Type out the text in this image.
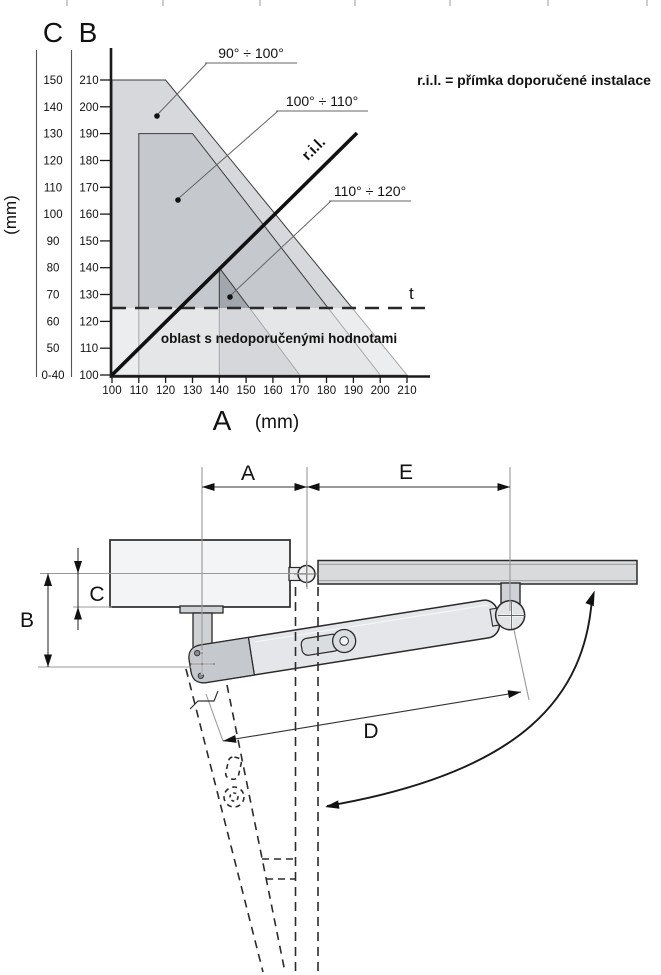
t
r.i.l.
90° ÷ 100°
100° ÷ 110°
110° ÷ 120°
r.i.l. = přímka doporučené instalace
oblast s nedoporučenými hodnotami
C B
(mm)
150
140
130
120
110
100
90
80
70
60
50
0-40
210
200
190
180
170
160
150
140
130
120
110
100
100 110 120 130 140 150 160 170 180 190 200 210
A (mm)
A	E
C
B
D
